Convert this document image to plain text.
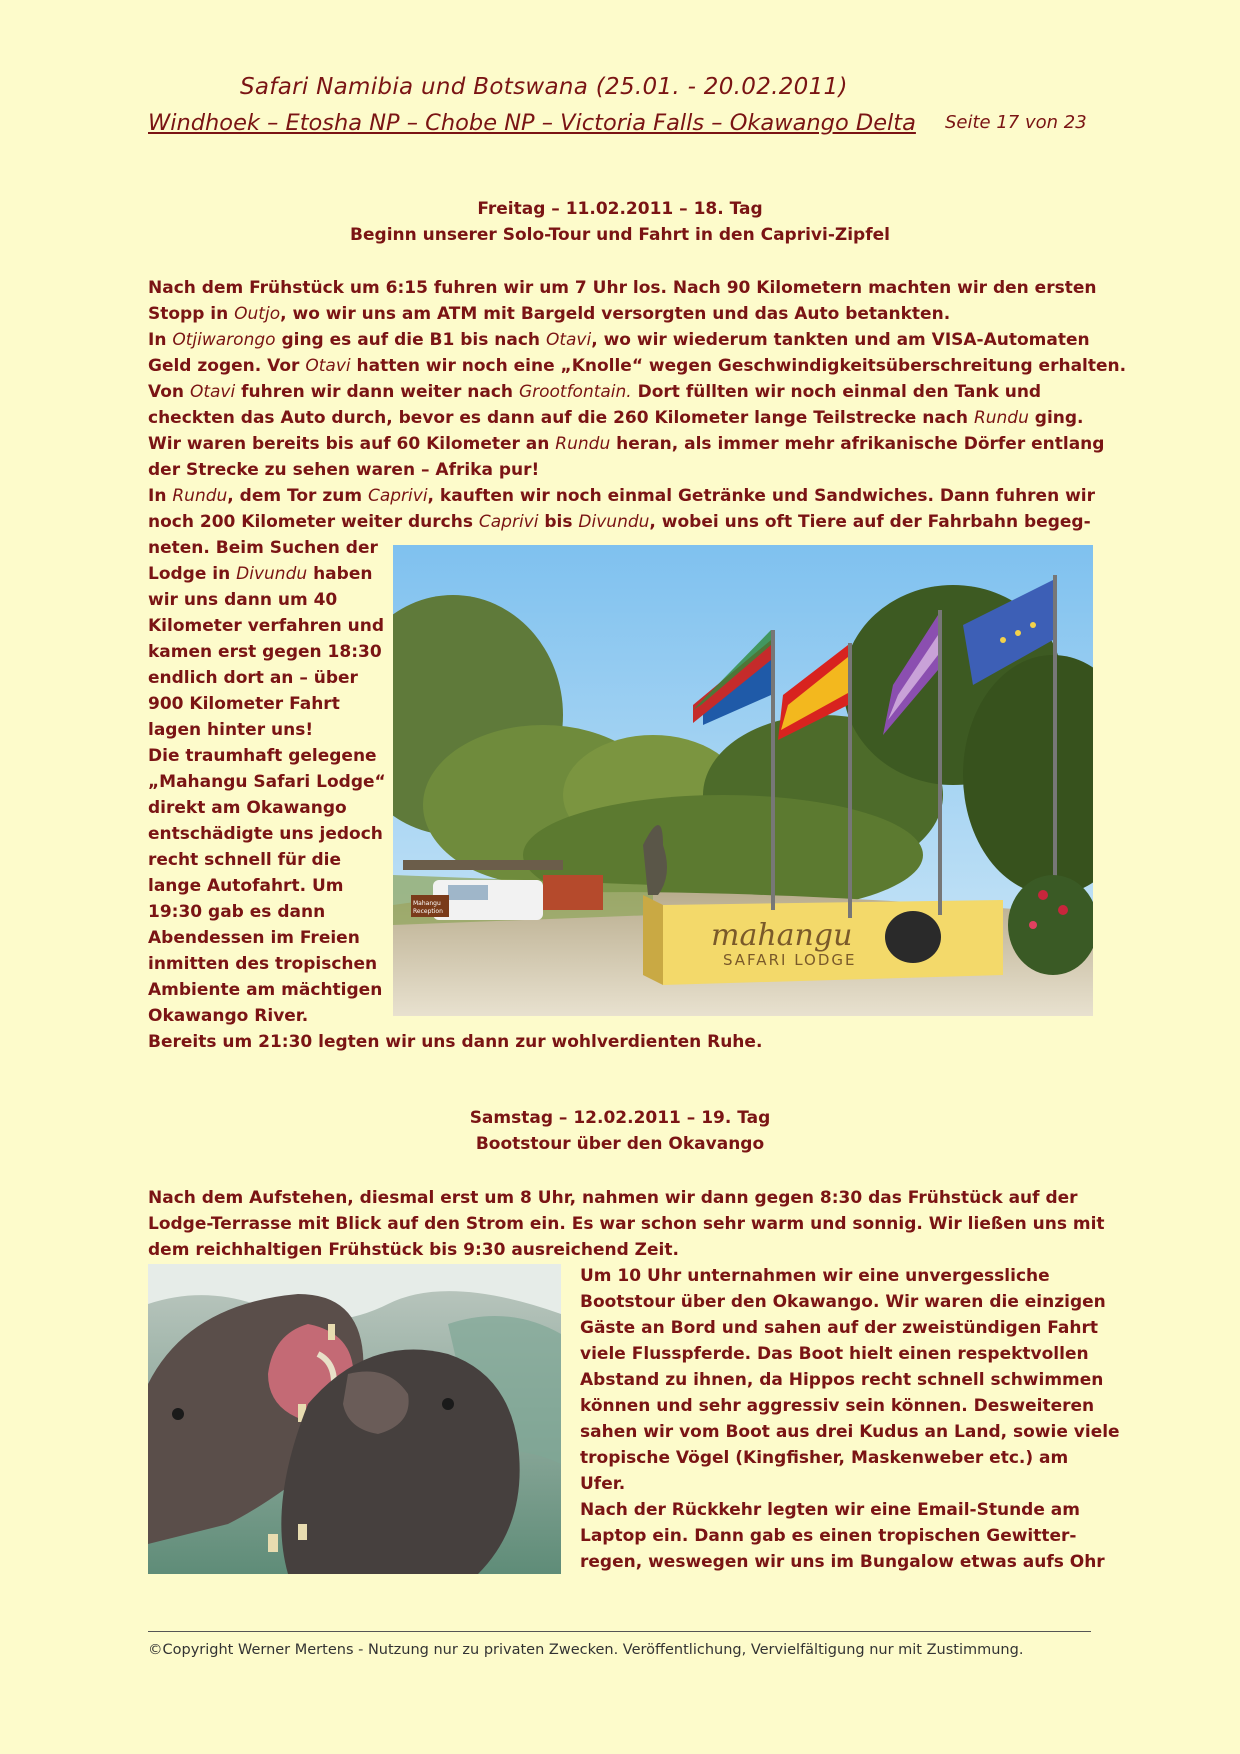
Safari Namibia und Botswana (25.01. - 20.02.2011)
Windhoek – Etosha NP – Chobe NP – Victoria Falls – Okawango Delta Seite 17 von 23
Freitag – 11.02.2011 – 18. Tag
Beginn unserer Solo-Tour und Fahrt in den Caprivi-Zipfel
Nach dem Frühstück um 6:15 fuhren wir um 7 Uhr los. Nach 90 Kilometern machten wir den ersten
Stopp in Outjo, wo wir uns am ATM mit Bargeld versorgten und das Auto betankten.
In Otjiwarongo ging es auf die B1 bis nach Otavi, wo wir wiederum tankten und am VISA-Automaten
Geld zogen. Vor Otavi hatten wir noch eine „Knolle“ wegen Geschwindigkeitsüberschreitung erhalten.
Von Otavi fuhren wir dann weiter nach Grootfontain. Dort füllten wir noch einmal den Tank und
checkten das Auto durch, bevor es dann auf die 260 Kilometer lange Teilstrecke nach Rundu ging.
Wir waren bereits bis auf 60 Kilometer an Rundu heran, als immer mehr afrikanische Dörfer entlang
der Strecke zu sehen waren – Afrika pur!
In Rundu, dem Tor zum Caprivi, kauften wir noch einmal Getränke und Sandwiches. Dann fuhren wir
noch 200 Kilometer weiter durchs Caprivi bis Divundu, wobei uns oft Tiere auf der Fahrbahn begeg-
neten. Beim Suchen der
Lodge in Divundu haben
wir uns dann um 40
Kilometer verfahren und
kamen erst gegen 18:30
endlich dort an – über
900 Kilometer Fahrt
lagen hinter uns!
Die traumhaft gelegene
„Mahangu Safari Lodge“
direkt am Okawango
entschädigte uns jedoch
recht schnell für die
lange Autofahrt. Um
19:30 gab es dann
Abendessen im Freien
inmitten des tropischen
Ambiente am mächtigen
Okawango River.
Bereits um 21:30 legten wir uns dann zur wohlverdienten Ruhe.
mahangu
SAFARI LODGE
Mahangu
Reception
Samstag – 12.02.2011 – 19. Tag
Bootstour über den Okavango
Nach dem Aufstehen, diesmal erst um 8 Uhr, nahmen wir dann gegen 8:30 das Frühstück auf der
Lodge-Terrasse mit Blick auf den Strom ein. Es war schon sehr warm und sonnig. Wir ließen uns mit
dem reichhaltigen Frühstück bis 9:30 ausreichend Zeit.
Um 10 Uhr unternahmen wir eine unvergessliche
Bootstour über den Okawango. Wir waren die einzigen
Gäste an Bord und sahen auf der zweistündigen Fahrt
viele Flusspferde. Das Boot hielt einen respektvollen
Abstand zu ihnen, da Hippos recht schnell schwimmen
können und sehr aggressiv sein können. Desweiteren
sahen wir vom Boot aus drei Kudus an Land, sowie viele
tropische Vögel (Kingfisher, Maskenweber etc.) am
Ufer.
Nach der Rückkehr legten wir eine Email-Stunde am
Laptop ein. Dann gab es einen tropischen Gewitter-
regen, weswegen wir uns im Bungalow etwas aufs Ohr
©Copyright Werner Mertens - Nutzung nur zu privaten Zwecken. Veröffentlichung, Vervielfältigung nur mit Zustimmung.
